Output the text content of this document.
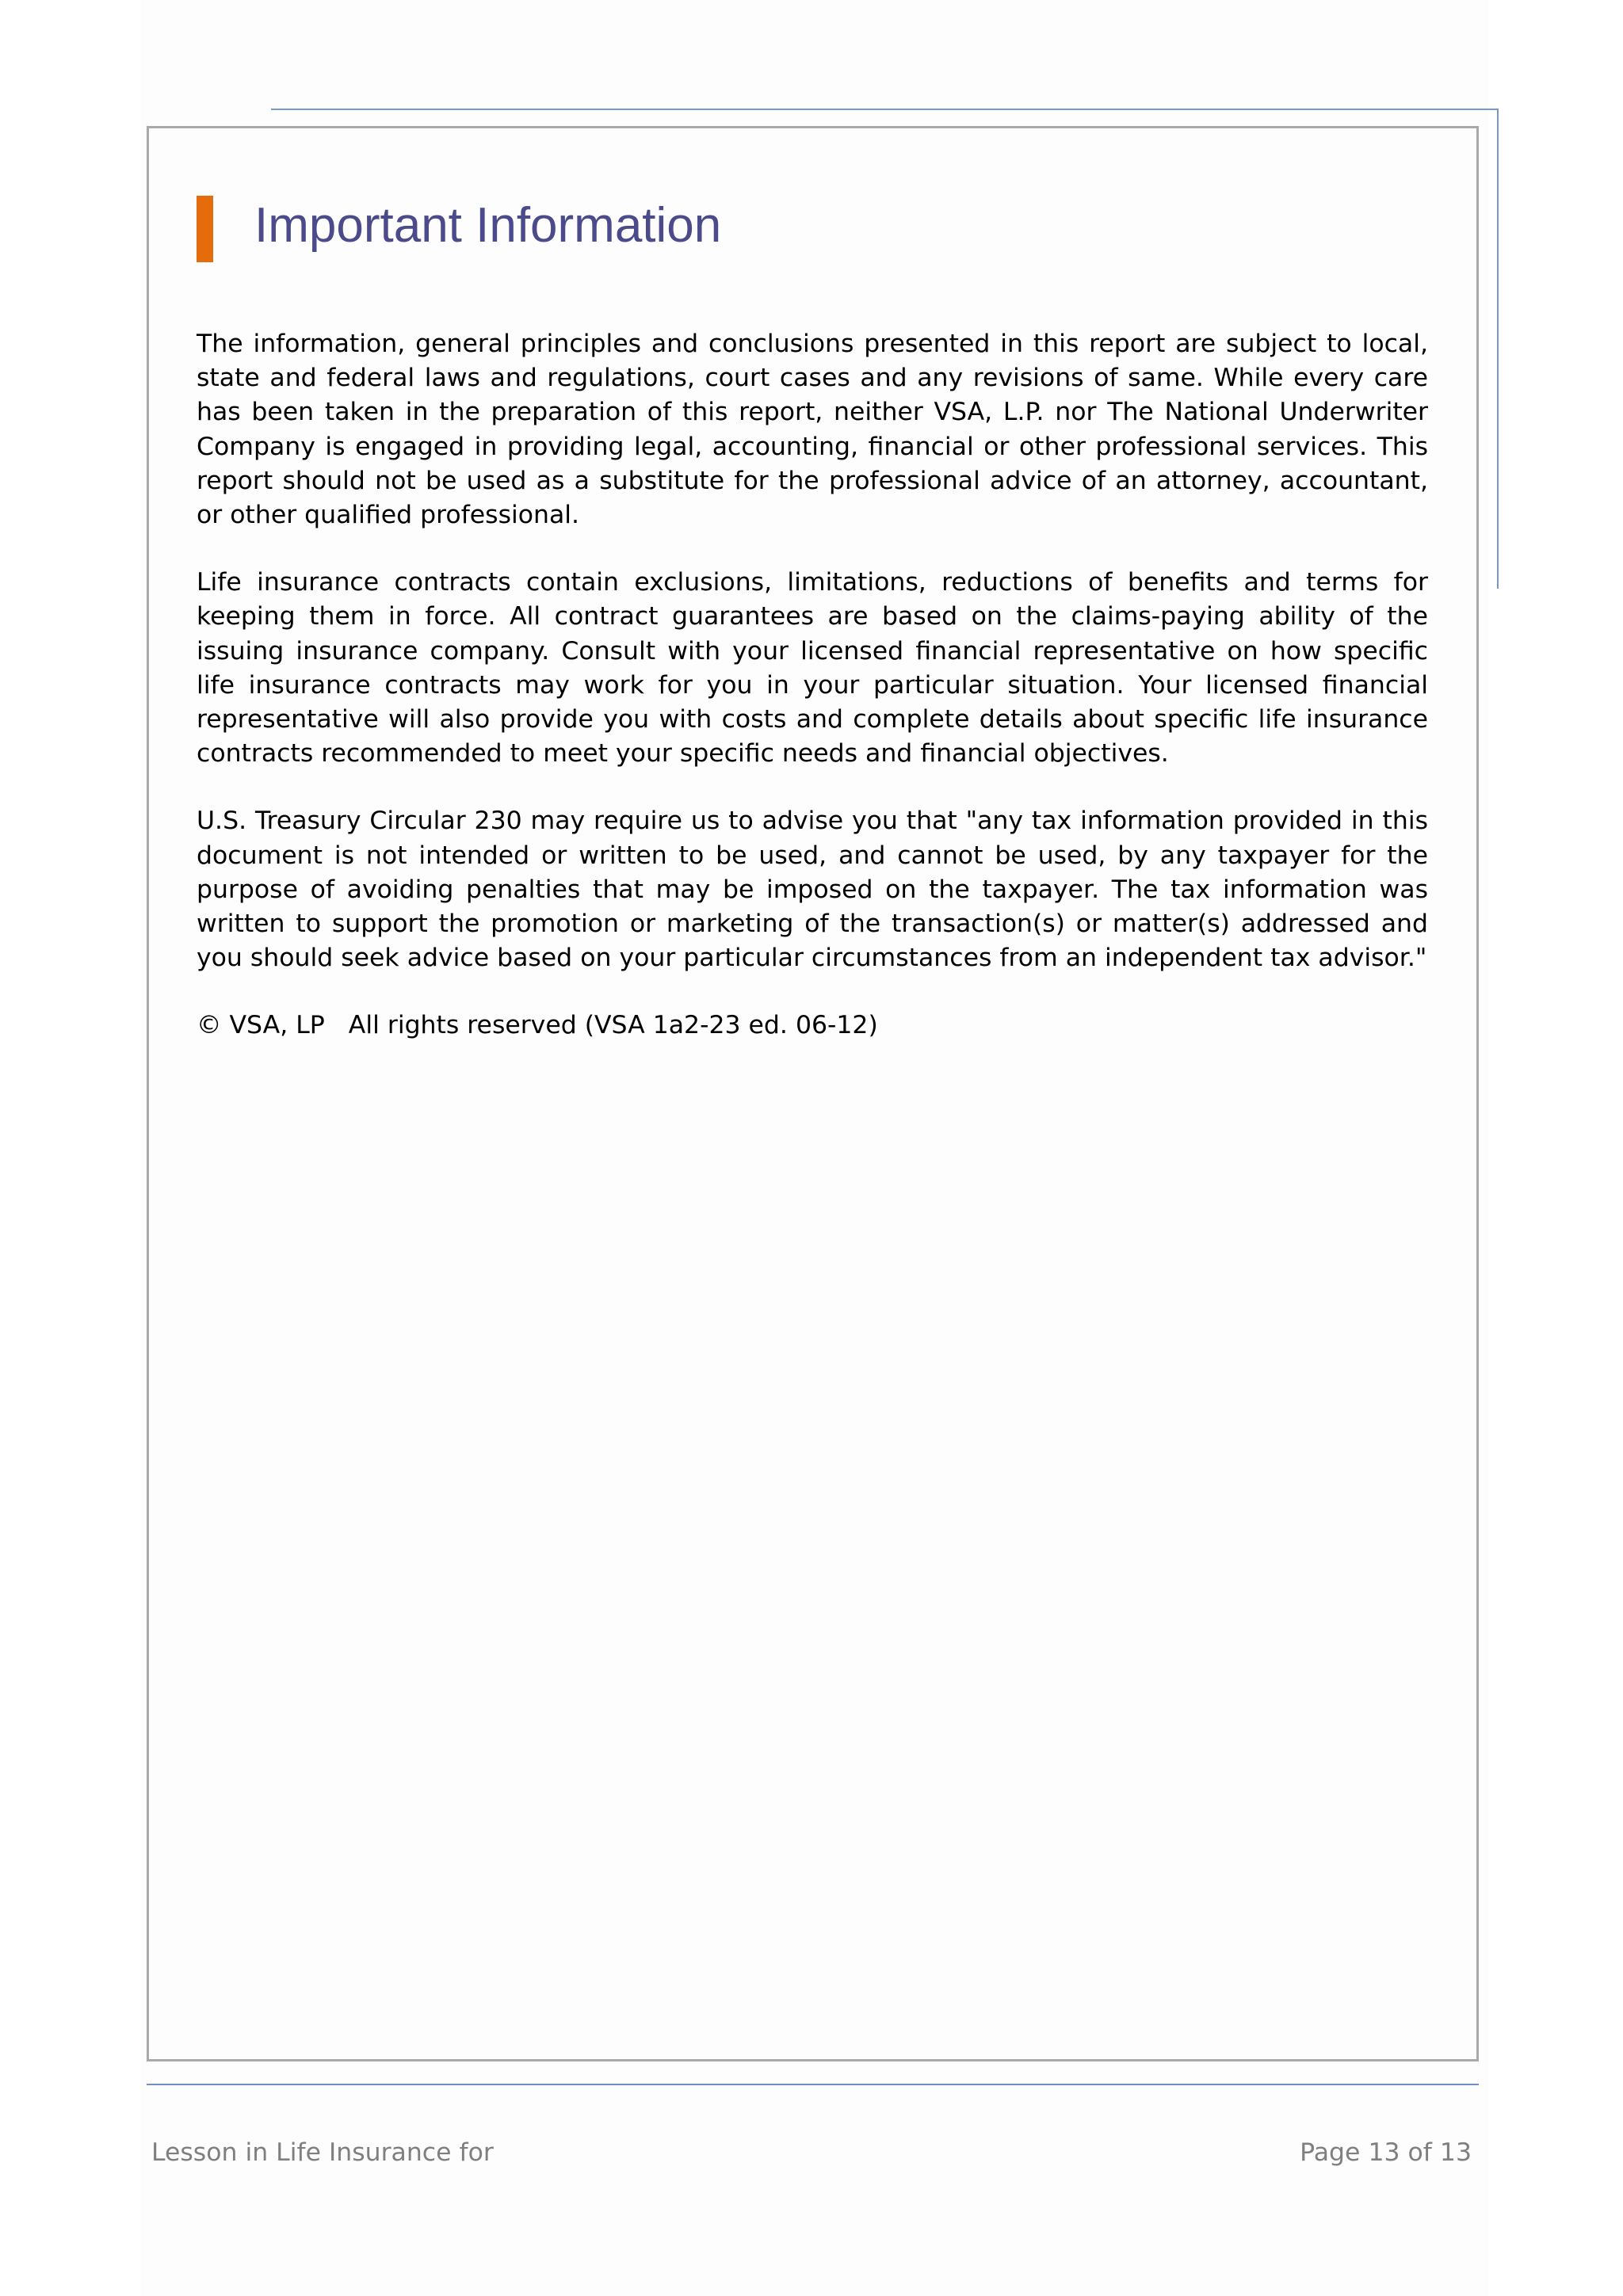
Important Information

The information, general principles and conclusions presented in this report are subject to local, state and federal laws and regulations, court cases and any revisions of same. While every care has been taken in the preparation of this report, neither VSA, L.P. nor The National Underwriter Company is engaged in providing legal, accounting, financial or other professional services. This report should not be used as a substitute for the professional advice of an attorney, accountant, or other qualified professional.

Life insurance contracts contain exclusions, limitations, reductions of benefits and terms for keeping them in force. All contract guarantees are based on the claims-paying ability of the issuing insurance company. Consult with your licensed financial representative on how specific life insurance contracts may work for you in your particular situation. Your licensed financial representative will also provide you with costs and complete details about specific life insurance contracts recommended to meet your specific needs and financial objectives.

U.S. Treasury Circular 230 may require us to advise you that "any tax information provided in this document is not intended or written to be used, and cannot be used, by any taxpayer for the purpose of avoiding penalties that may be imposed on the taxpayer. The tax information was written to support the promotion or marketing of the transaction(s) or matter(s) addressed and you should seek advice based on your particular circumstances from an independent tax advisor."

© VSA, LP   All rights reserved (VSA 1a2-23 ed. 06-12)

Lesson in Life Insurance for	Page 13 of 13
